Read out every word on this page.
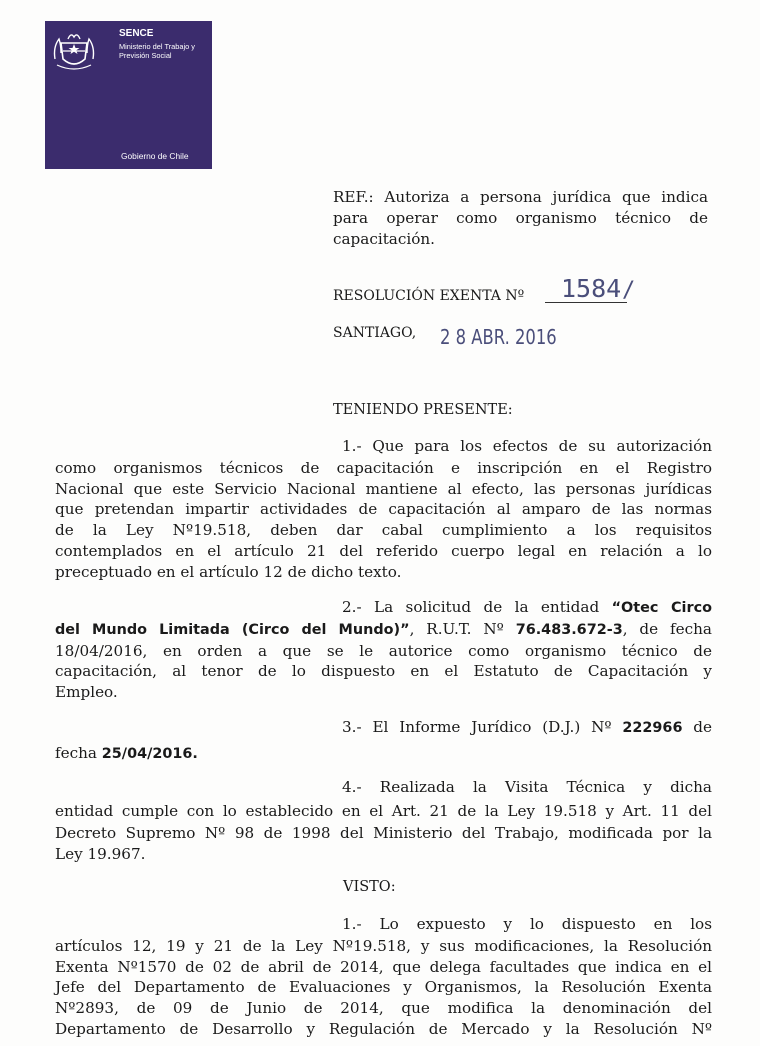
SENCE
Ministerio del Trabajo y Previsión Social
Gobierno de Chile
REF.: Autoriza a persona jurídica que indica
para operar como organismo técnico de
capacitación.
RESOLUCIÓN EXENTA Nº 1584 /
SANTIAGO, 2 8 ABR. 2016
TENIENDO PRESENTE:
1.- Que para los efectos de su autorización
como organismos técnicos de capacitación e inscripción en el Registro
Nacional que este Servicio Nacional mantiene al efecto, las personas jurídicas
que pretendan impartir actividades de capacitación al amparo de las normas
de la Ley Nº19.518, deben dar cabal cumplimiento a los requisitos
contemplados en el artículo 21 del referido cuerpo legal en relación a lo
preceptuado en el artículo 12 de dicho texto.
2.- La solicitud de la entidad “Otec Circo
del Mundo Limitada (Circo del Mundo)”, R.U.T. Nº 76.483.672-3, de fecha
18/04/2016, en orden a que se le autorice como organismo técnico de
capacitación, al tenor de lo dispuesto en el Estatuto de Capacitación y
Empleo.
3.- El Informe Jurídico (D.J.) Nº 222966 de
fecha 25/04/2016.
4.- Realizada la Visita Técnica y dicha
entidad cumple con lo establecido en el Art. 21 de la Ley 19.518 y Art. 11 del
Decreto Supremo Nº 98 de 1998 del Ministerio del Trabajo, modificada por la
Ley 19.967.
VISTO:
1.- Lo expuesto y lo dispuesto en los
artículos 12, 19 y 21 de la Ley Nº19.518, y sus modificaciones, la Resolución
Exenta Nº1570 de 02 de abril de 2014, que delega facultades que indica en el
Jefe del Departamento de Evaluaciones y Organismos, la Resolución Exenta
Nº2893, de 09 de Junio de 2014, que modifica la denominación del
Departamento de Desarrollo y Regulación de Mercado y la Resolución Nº
